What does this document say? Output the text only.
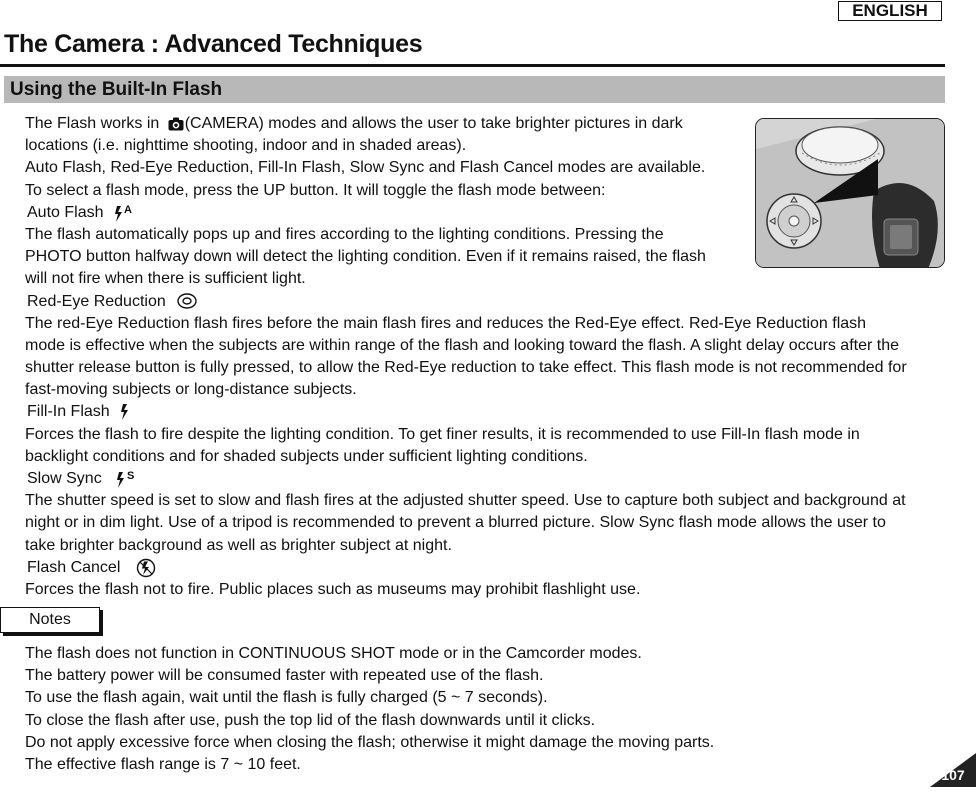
ENGLISH
The Camera : Advanced Techniques
Using the Built-In Flash
The Flash works in (CAMERA) modes and allows the user to take brighter pictures in dark
locations (i.e. nighttime shooting, indoor and in shaded areas).
Auto Flash, Red-Eye Reduction, Fill-In Flash, Slow Sync and Flash Cancel modes are available.
To select a flash mode, press the UP button. It will toggle the flash mode between:
Auto Flash A
The flash automatically pops up and fires according to the lighting conditions. Pressing the
PHOTO button halfway down will detect the lighting condition. Even if it remains raised, the flash
will not fire when there is sufficient light.
Red-Eye Reduction
The red-Eye Reduction flash fires before the main flash fires and reduces the Red-Eye effect. Red-Eye Reduction flash
mode is effective when the subjects are within range of the flash and looking toward the flash. A slight delay occurs after the
shutter release button is fully pressed, to allow the Red-Eye reduction to take effect. This flash mode is not recommended for
fast-moving subjects or long-distance subjects.
Fill-In Flash
Forces the flash to fire despite the lighting condition. To get finer results, it is recommended to use Fill-In flash mode in
backlight conditions and for shaded subjects under sufficient lighting conditions.
Slow Sync S
The shutter speed is set to slow and flash fires at the adjusted shutter speed. Use to capture both subject and background at
night or in dim light. Use of a tripod is recommended to prevent a blurred picture. Slow Sync flash mode allows the user to
take brighter background as well as brighter subject at night.
Flash Cancel
Forces the flash not to fire. Public places such as museums may prohibit flashlight use.
Notes
The flash does not function in CONTINUOUS SHOT mode or in the Camcorder modes.
The battery power will be consumed faster with repeated use of the flash.
To use the flash again, wait until the flash is fully charged (5 ~ 7 seconds).
To close the flash after use, push the top lid of the flash downwards until it clicks.
Do not apply excessive force when closing the flash; otherwise it might damage the moving parts.
The effective flash range is 7 ~ 10 feet.
107
